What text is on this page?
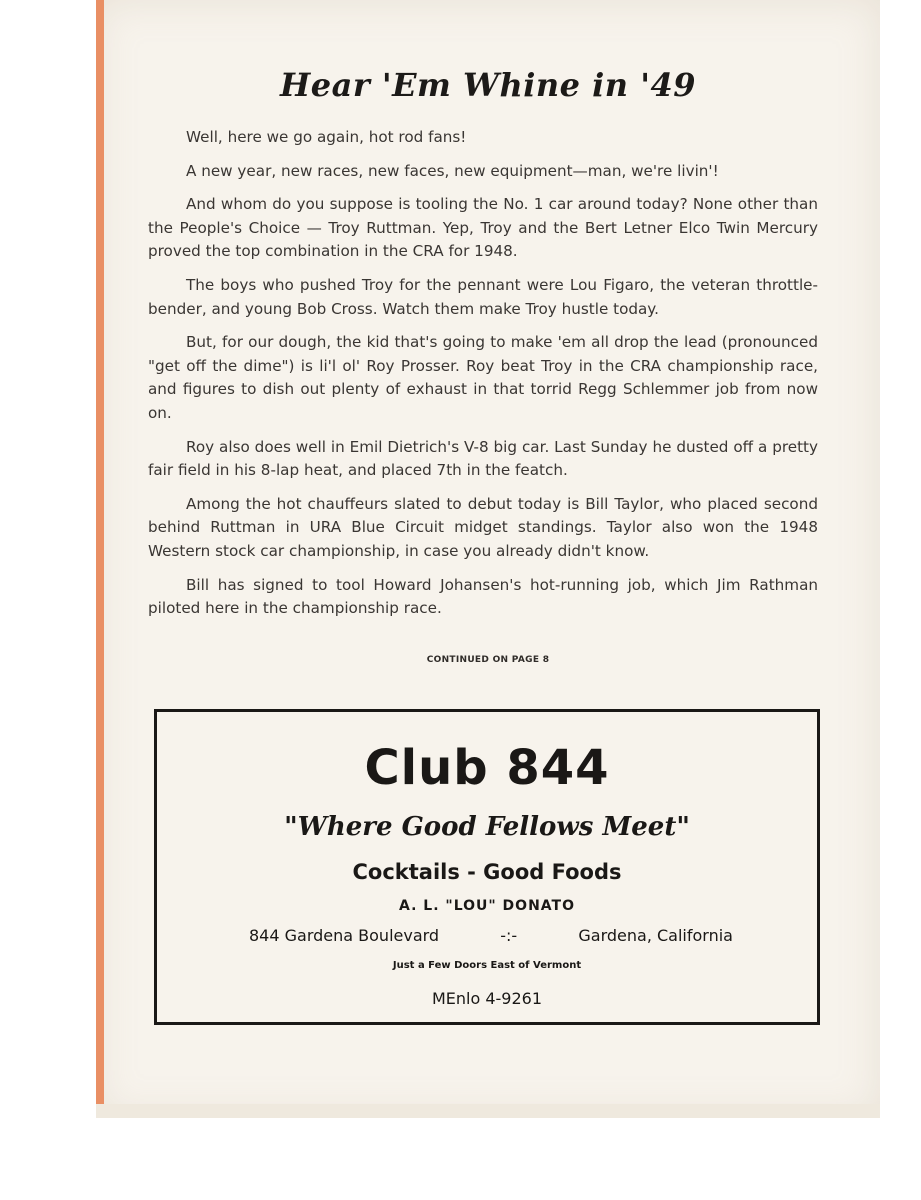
Hear 'Em Whine in '49

Well, here we go again, hot rod fans!

A new year, new races, new faces, new equipment—man, we're livin'!

And whom do you suppose is tooling the No. 1 car around today? None other than the People's Choice — Troy Ruttman. Yep, Troy and the Bert Letner Elco Twin Mercury proved the top combination in the CRA for 1948.

The boys who pushed Troy for the pennant were Lou Figaro, the veteran throttle-bender, and young Bob Cross. Watch them make Troy hustle today.

But, for our dough, the kid that's going to make 'em all drop the lead (pronounced "get off the dime") is li'l ol' Roy Prosser. Roy beat Troy in the CRA championship race, and figures to dish out plenty of exhaust in that torrid Regg Schlemmer job from now on.

Roy also does well in Emil Dietrich's V-8 big car. Last Sunday he dusted off a pretty fair field in his 8-lap heat, and placed 7th in the featch.

Among the hot chauffeurs slated to debut today is Bill Taylor, who placed second behind Ruttman in URA Blue Circuit midget standings. Taylor also won the 1948 Western stock car championship, in case you already didn't know.

Bill has signed to tool Howard Johansen's hot-running job, which Jim Rathman piloted here in the championship race.

CONTINUED ON PAGE 8
Club 844
"Where Good Fellows Meet"
Cocktails - Good Foods
A. L. "LOU" DONATO
844 Gardena Boulevard	-:-	Gardena, California
Just a Few Doors East of Vermont
MEnlo 4-9261
